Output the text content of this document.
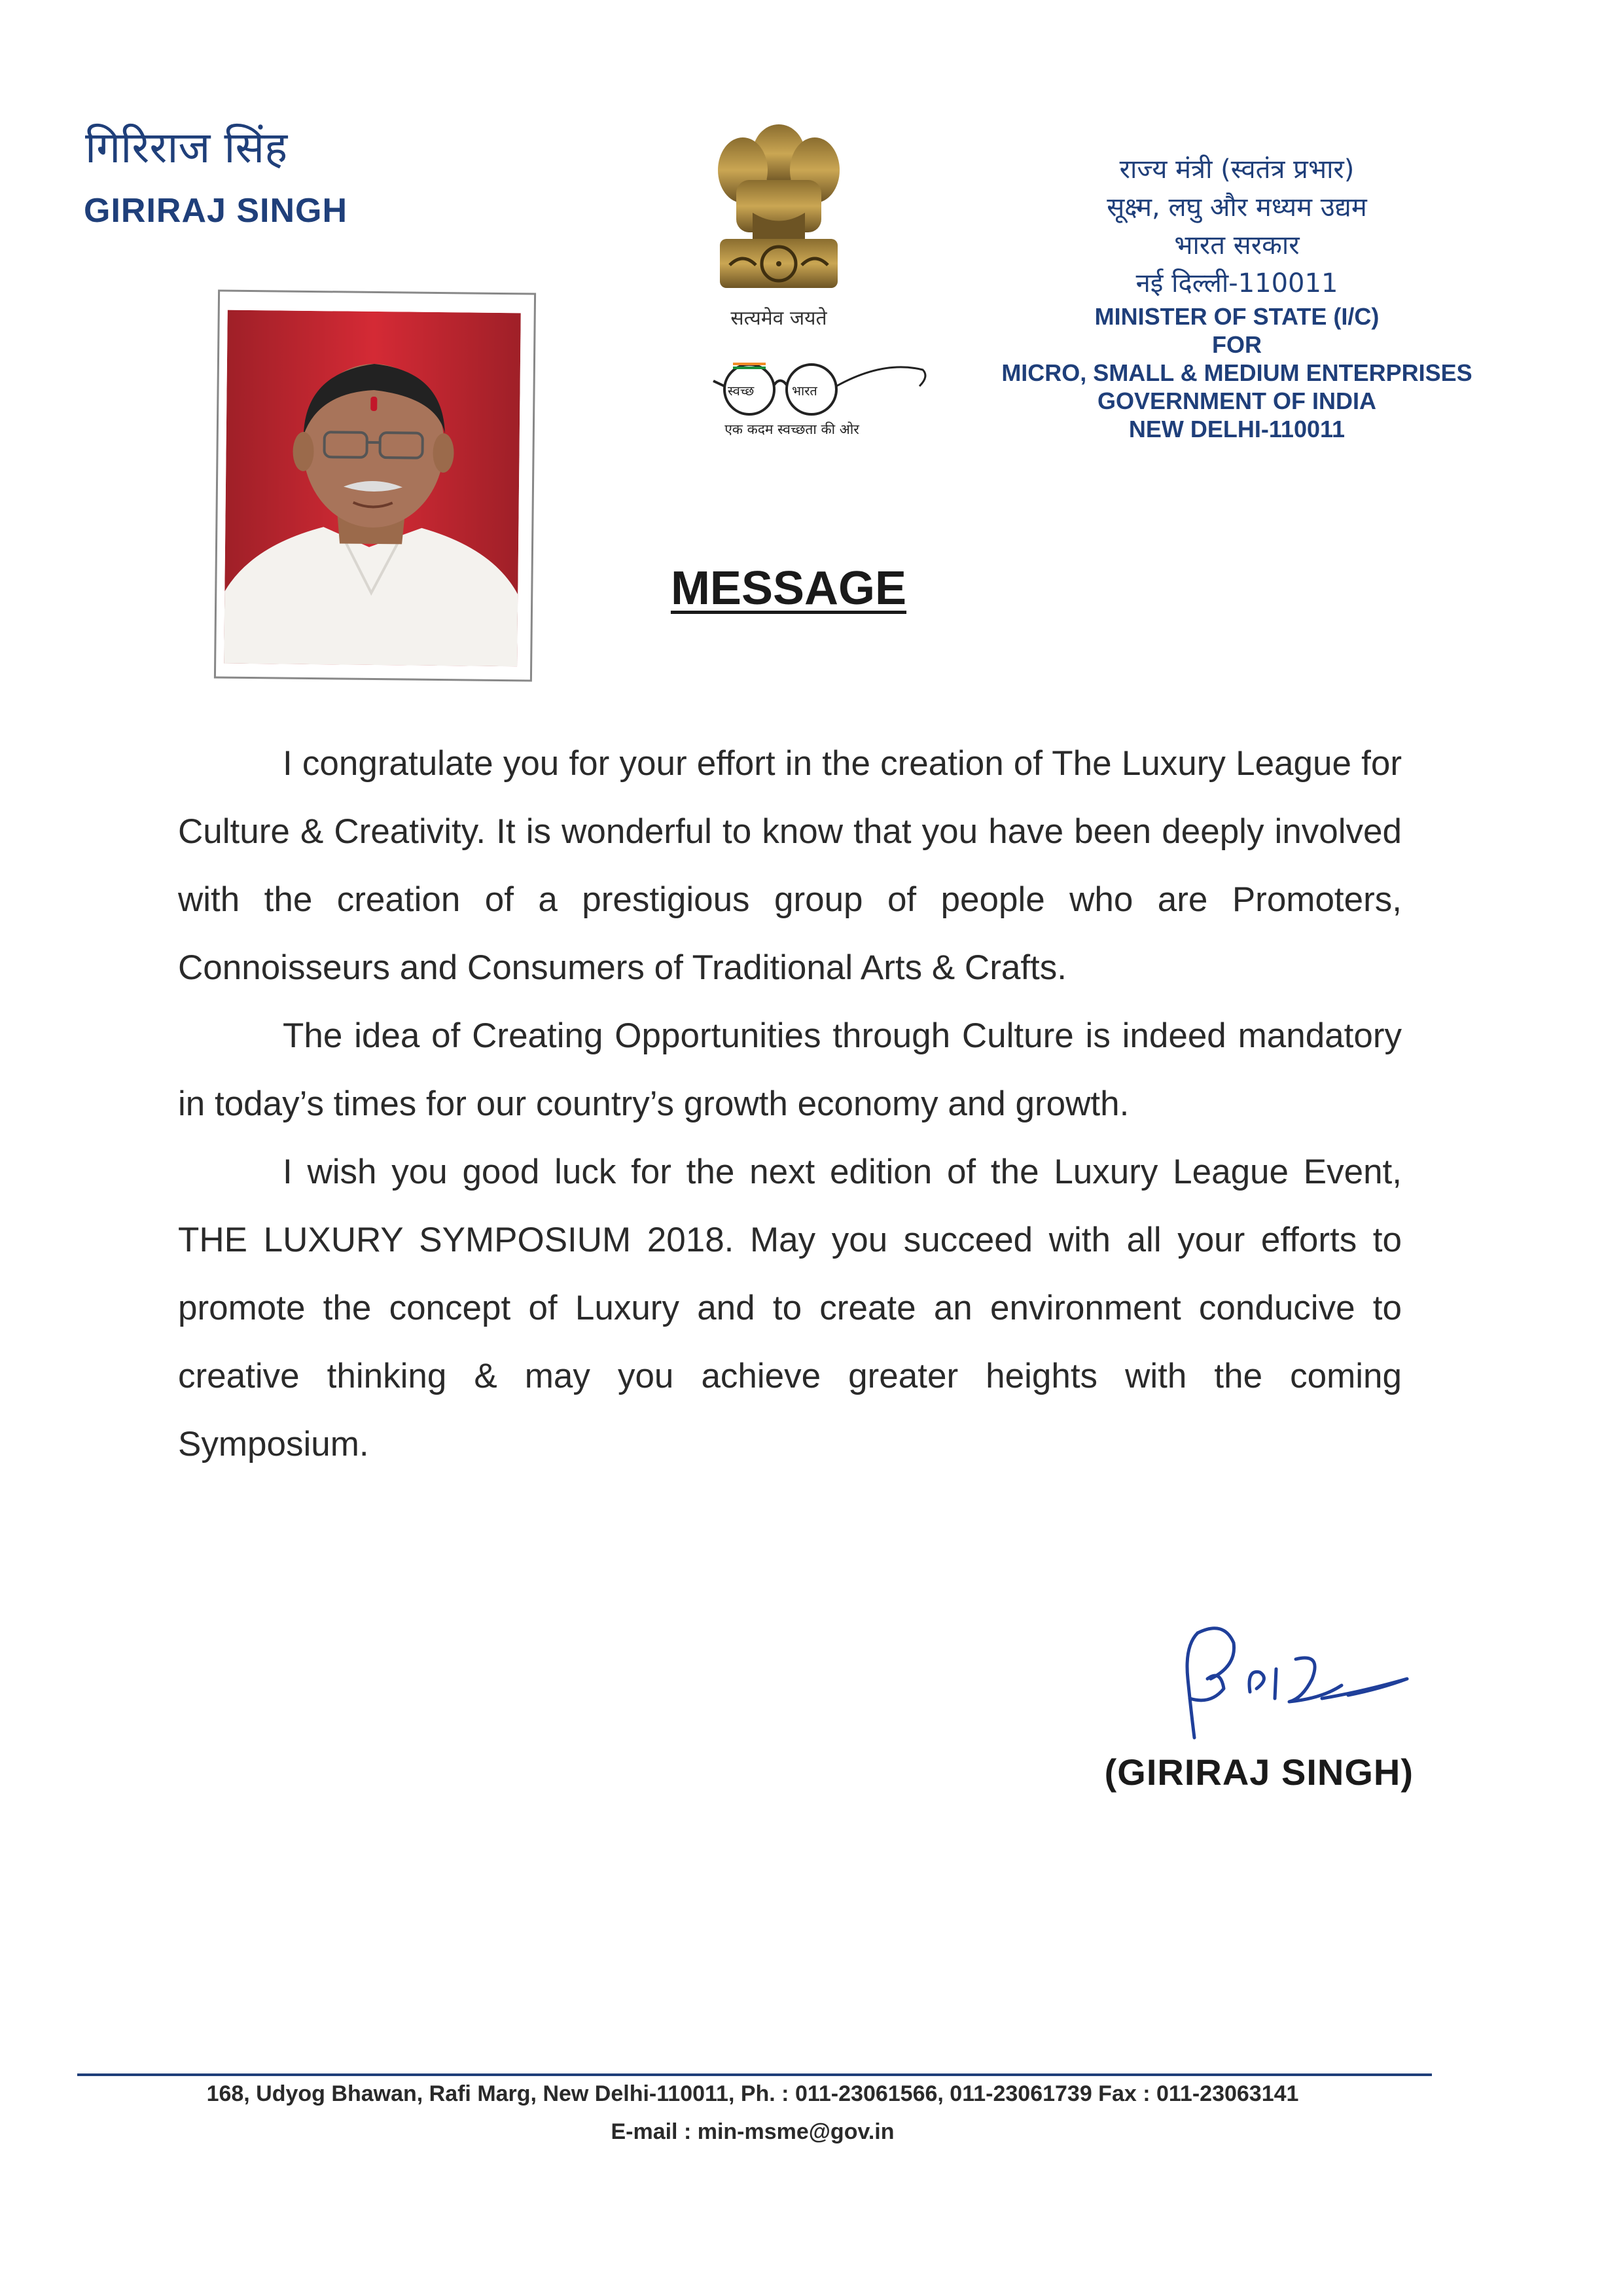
गिरिराज सिंह
GIRIRAJ SINGH
सत्यमेव जयते
स्वच्छ	भारत
एक कदम स्वच्छता की ओर
राज्य मंत्री (स्वतंत्र प्रभार)
सूक्ष्म, लघु और मध्यम उद्यम
भारत सरकार
नई दिल्ली-110011
MINISTER OF STATE (I/C)
FOR
MICRO, SMALL & MEDIUM ENTERPRISES
GOVERNMENT OF INDIA
NEW DELHI-110011
MESSAGE

I congratulate you for your effort in the creation of The Luxury League for Culture & Creativity. It is wonderful to know that you have been deeply involved with the creation of a prestigious group of people who are Promoters, Connoisseurs and Consumers of Traditional Arts & Crafts.

The idea of Creating Opportunities through Culture is indeed mandatory in today’s times for our country’s growth economy and growth.

I wish you good luck for the next edition of the Luxury League Event, THE LUXURY SYMPOSIUM 2018. May you succeed with all your efforts to promote the concept of Luxury and to create an environment conducive to creative thinking & may you achieve greater heights with the coming Symposium.

(GIRIRAJ SINGH)
168, Udyog Bhawan, Rafi Marg, New Delhi-110011, Ph. : 011-23061566, 011-23061739 Fax : 011-23063141
E-mail : min-msme@gov.in
